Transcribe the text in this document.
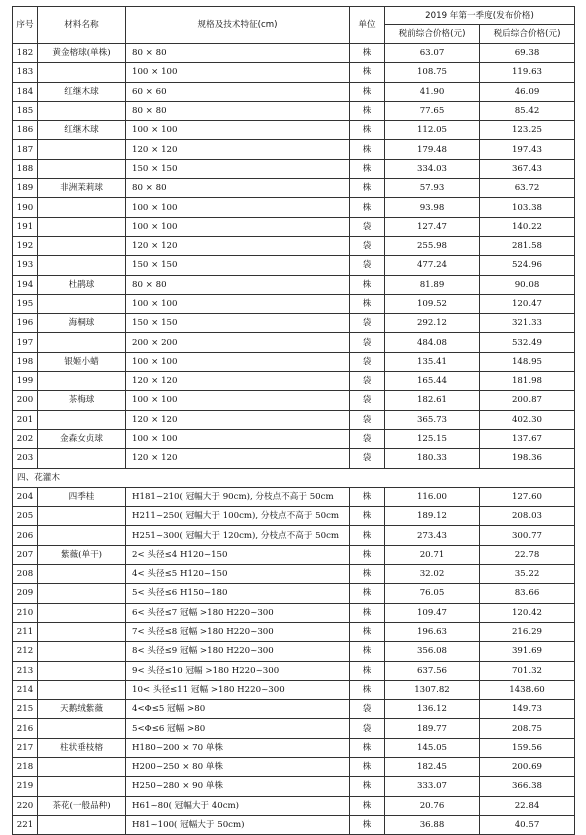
序号	材料名称	规格及技术特征(cm)	单位	2019 年第一季度(发布价格)	
				税前综合价格(元)	税后综合价格(元)
182	黄金榕球(单株)	80 × 80	株	63.07	69.38
183		100 × 100	株	108.75	119.63
184	红继木球	60 × 60	株	41.90	46.09
185		80 × 80	株	77.65	85.42
186	红继木球	100 × 100	株	112.05	123.25
187		120 × 120	株	179.48	197.43
188		150 × 150	株	334.03	367.43
189	非洲茉莉球	80 × 80	株	57.93	63.72
190		100 × 100	株	93.98	103.38
191		100 × 100	袋	127.47	140.22
192		120 × 120	袋	255.98	281.58
193		150 × 150	袋	477.24	524.96
194	杜鹃球	80 × 80	株	81.89	90.08
195		100 × 100	株	109.52	120.47
196	海桐球	150 × 150	袋	292.12	321.33
197		200 × 200	袋	484.08	532.49
198	银姬小蜡	100 × 100	袋	135.41	148.95
199		120 × 120	袋	165.44	181.98
200	茶梅球	100 × 100	袋	182.61	200.87
201		120 × 120	袋	365.73	402.30
202	金森女贞球	100 × 100	袋	125.15	137.67
203		120 × 120	袋	180.33	198.36
四、花灌木					
204	四季桂	H181~210( 冠幅大于 90cm), 分枝点不高于 50cm	株	116.00	127.60
205		H211~250( 冠幅大于 100cm), 分枝点不高于 50cm	株	189.12	208.03
206		H251~300( 冠幅大于 120cm), 分枝点不高于 50cm	株	273.43	300.77
207	紫薇(单干)	2< 头径≤4 H120~150	株	20.71	22.78
208		4< 头径≤5 H120~150	株	32.02	35.22
209		5< 头径≤6 H150~180	株	76.05	83.66
210		6< 头径≤7 冠幅 >180 H220~300	株	109.47	120.42
211		7< 头径≤8 冠幅 >180 H220~300	株	196.63	216.29
212		8< 头径≤9 冠幅 >180 H220~300	株	356.08	391.69
213		9< 头径≤10 冠幅 >180 H220~300	株	637.56	701.32
214		10< 头径≤11 冠幅 >180 H220~300	株	1307.82	1438.60
215	天鹅绒紫薇	4<Φ≤5 冠幅 >80	袋	136.12	149.73
216		5<Φ≤6 冠幅 >80	袋	189.77	208.75
217	柱状垂枝榕	H180~200 × 70 单株	株	145.05	159.56
218		H200~250 × 80 单株	株	182.45	200.69
219		H250~280 × 90 单株	株	333.07	366.38
220	茶花(一般品种)	H61~80( 冠幅大于 40cm)	株	20.76	22.84
221		H81~100( 冠幅大于 50cm)	株	36.88	40.57
